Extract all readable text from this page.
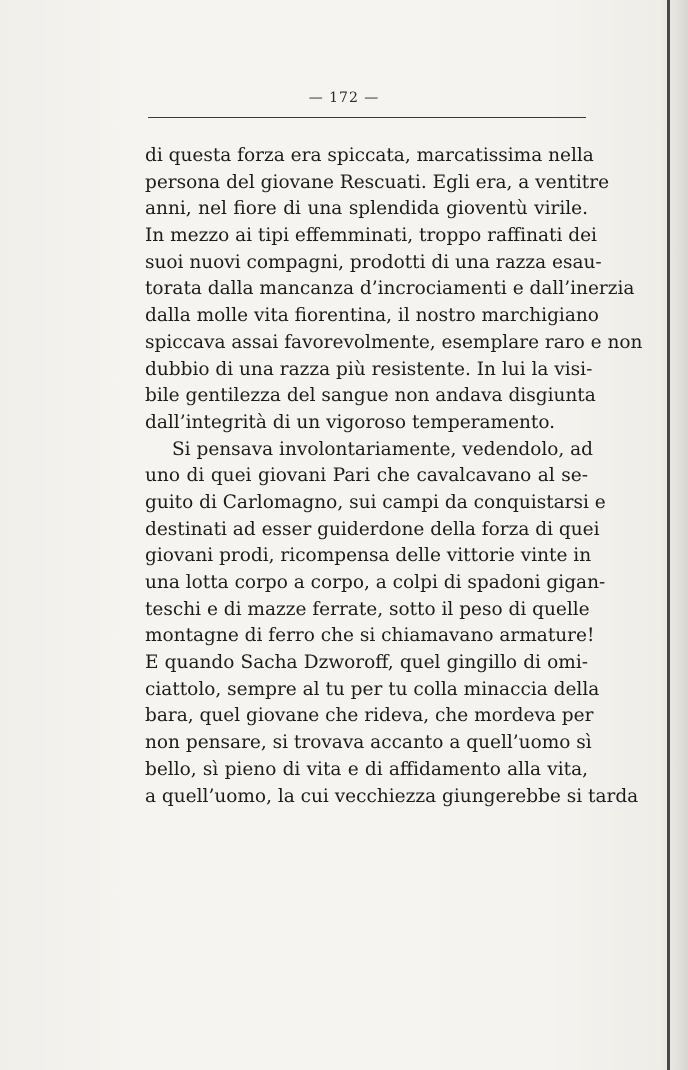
— 172 —
di questa forza era spiccata, marcatissima nella
persona del giovane Rescuati. Egli era, a ventitre
anni, nel fiore di una splendida gioventù virile.
In mezzo ai tipi effemminati, troppo raffinati dei
suoi nuovi compagni, prodotti di una razza esau-
torata dalla mancanza d’incrociamenti e dall’inerzia
dalla molle vita fiorentina, il nostro marchigiano
spiccava assai favorevolmente, esemplare raro e non
dubbio di una razza più resistente. In lui la visi-
bile gentilezza del sangue non andava disgiunta
dall’integrità di un vigoroso temperamento.
Si pensava involontariamente, vedendolo, ad
uno di quei giovani Pari che cavalcavano al se-
guito di Carlomagno, sui campi da conquistarsi e
destinati ad esser guiderdone della forza di quei
giovani prodi, ricompensa delle vittorie vinte in
una lotta corpo a corpo, a colpi di spadoni gigan-
teschi e di mazze ferrate, sotto il peso di quelle
montagne di ferro che si chiamavano armature!
E quando Sacha Dzworoff, quel gingillo di omi-
ciattolo, sempre al tu per tu colla minaccia della
bara, quel giovane che rideva, che mordeva per
non pensare, si trovava accanto a quell’uomo sì
bello, sì pieno di vita e di affidamento alla vita,
a quell’uomo, la cui vecchiezza giungerebbe si tarda
